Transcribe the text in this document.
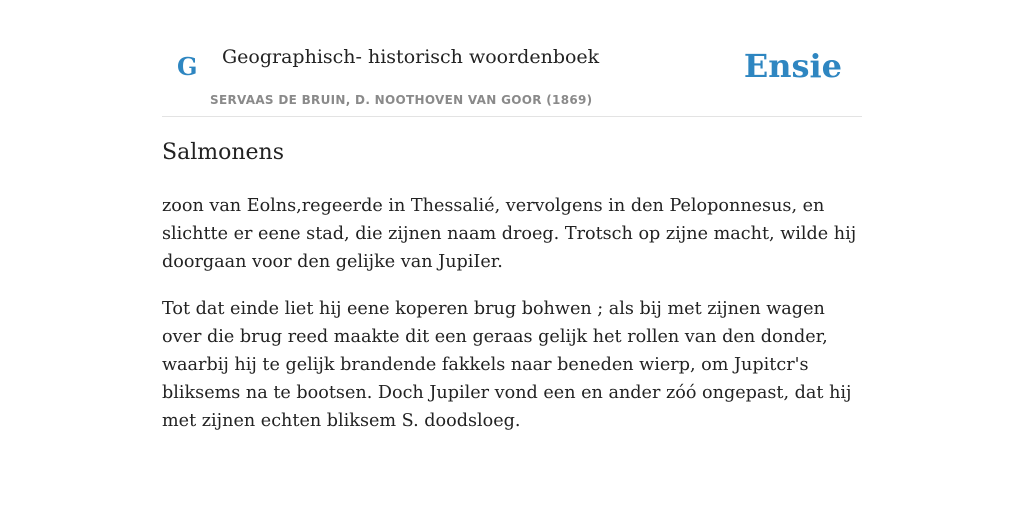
G Geographisch- historisch woordenboek
SERVAAS DE BRUIN, D. NOOTHOVEN VAN GOOR (1869)
Ensie
Salmonens

zoon van Eolns,regeerde in Thessalié, vervolgens in den Peloponnesus, en slichtte er eene stad, die zijnen naam droeg. Trotsch op zijne macht, wilde hij doorgaan voor den gelijke van JupiIer.

Tot dat einde liet hij eene koperen brug bohwen ; als bij met zijnen wagen over die brug reed maakte dit een geraas gelijk het rollen van den donder, waarbij hij te gelijk brandende fakkels naar beneden wierp, om Jupitcr's bliksems na te bootsen. Doch Jupiler vond een en ander zóó ongepast, dat hij met zijnen echten bliksem S. doodsloeg.
